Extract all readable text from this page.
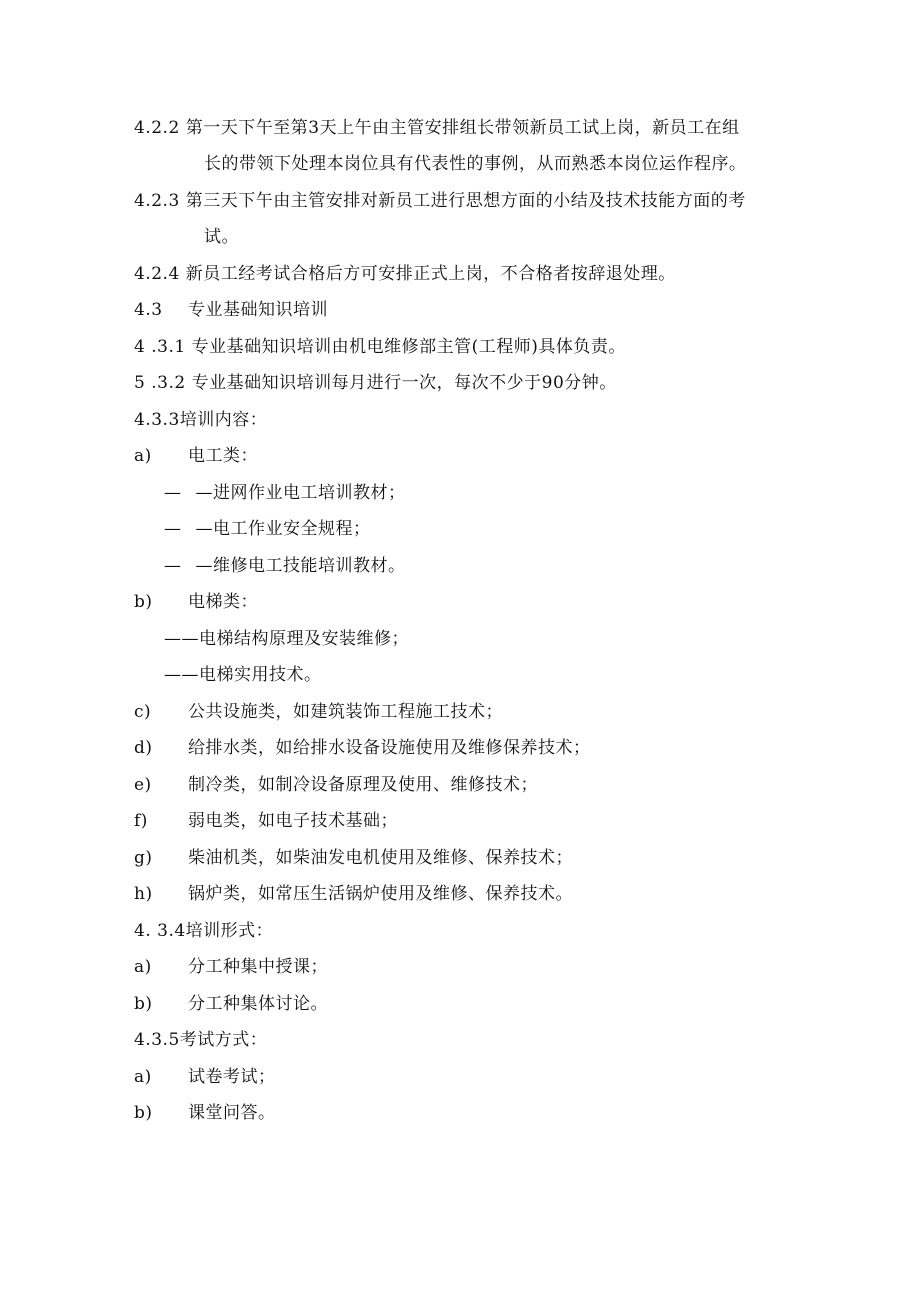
4.2.2 第一天下午至第3天上午由主管安排组长带领新员工试上岗，新员工在组
长的带领下处理本岗位具有代表性的事例，从而熟悉本岗位运作程序。
4.2.3 第三天下午由主管安排对新员工进行思想方面的小结及技术技能方面的考
试。
4.2.4 新员工经考试合格后方可安排正式上岗，不合格者按辞退处理。
4.3 专业基础知识培训
4 .3.1 专业基础知识培训由机电维修部主管(工程师)具体负责。
5 .3.2 专业基础知识培训每月进行一次，每次不少于90分钟。
4.3.3培训内容：
a) 电工类：
— —进网作业电工培训教材；
— —电工作业安全规程；
— —维修电工技能培训教材。
b) 电梯类：
——电梯结构原理及安装维修；
——电梯实用技术。
c) 公共设施类，如建筑装饰工程施工技术；
d) 给排水类，如给排水设备设施使用及维修保养技术；
e) 制冷类，如制冷设备原理及使用、维修技术；
f) 弱电类，如电子技术基础；
g) 柴油机类，如柴油发电机使用及维修、保养技术；
h) 锅炉类，如常压生活锅炉使用及维修、保养技术。
4. 3.4培训形式：
a) 分工种集中授课；
b) 分工种集体讨论。
4.3.5考试方式：
a) 试卷考试；
b) 课堂问答。
